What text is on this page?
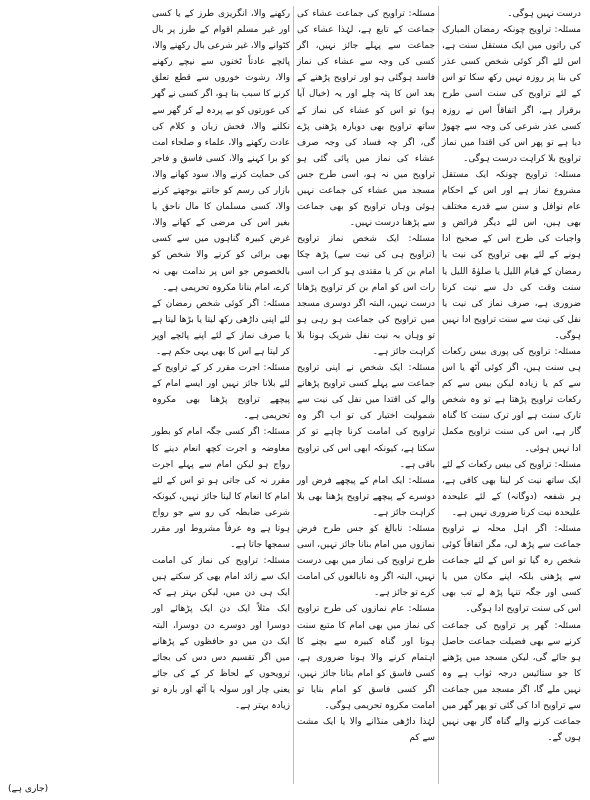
درست نہیں ہوگی۔

مسئلہ: تراویح چونکہ رمضان المبارک کی راتوں میں ایک مستقل سنت ہے، اس لئے اگر کوئی شخص کسی عذر کی بنا پر روزہ نہیں رکھ سکا تو اس کے لئے تراویح کی سنت اسی طرح برقرار ہے، اگر اتفاقاً اس نے روزہ کسی عذر شرعی کی وجہ سے چھوڑ دیا ہے تو پھر اس کی اقتدا میں نماز تراویح بلا کراہت درست ہوگی۔

مسئلہ: تراویح چونکہ ایک مستقل مشروع نماز ہے اور اس کے احکام عام نوافل و سنن سے قدرے مختلف بھی ہیں، اس لئے دیگر فرائض و واجبات کی طرح اس کے صحیح ادا ہونے کے لئے بھی تراویح کی نیت یا رمضان کے قیام اللیل یا صلوٰۃ اللیل یا سنت وقت کی دل سے نیت کرنا ضروری ہے، صرف نماز کی نیت یا نفل کی نیت سے سنت تراویح ادا نہیں ہوگی۔

مسئلہ: تراویح کی پوری بیس رکعات ہی سنت ہیں، اگر کوئی آٹھ یا اس سے کم یا زیادہ لیکن بیس سے کم رکعات تراویح پڑھتا ہے تو وہ شخص تارک سنت ہے اور ترک سنت کا گناہ گار ہے، اس کی سنت تراویح مکمل ادا نہیں ہوئی۔

مسئلہ: تراویح کی بیس رکعات کے لئے ایک ساتھ نیت کر لینا بھی کافی ہے، ہر شفعہ (دوگانہ) کے لئے علیحدہ علیحدہ نیت کرنا ضروری نہیں ہے۔

مسئلہ: اگر اہل محلہ نے تراویح جماعت سے پڑھ لی، مگر اتفاقاً کوئی شخص رہ گیا تو اس کے لئے جماعت سے پڑھنی بلکہ اپنے مکان میں یا کسی اور جگہ تنہا پڑھ لے تب بھی اس کی سنت تراویح ادا ہوگی۔

مسئلہ: گھر پر تراویح کی جماعت کرنے سے بھی فضیلت جماعت حاصل ہو جائے گی، لیکن مسجد میں پڑھنے کا جو ستائیس درجہ ثواب ہے وہ نہیں ملے گا، اگر مسجد میں جماعت سے تراویح ادا کی گئی تو پھر گھر میں جماعت کرنے والے گناہ گار بھی نہیں ہوں گے۔

مسئلہ: تراویح کی جماعت عشاء کی جماعت کے تابع ہے، لہٰذا عشاء کی جماعت سے پہلے جائز نہیں، اگر کسی کی وجہ سے عشاء کی نماز فاسد ہوگئی ہو اور تراویح پڑھنے کے بعد اس کا پتہ چلے اور یہ (خیال آیا ہو) تو اس کو عشاء کی نماز کے ساتھ تراویح بھی دوبارہ پڑھنی پڑے گی، اگر چہ فساد کی وجہ صرف عشاء کی نماز میں پائی گئی ہو تراویح میں نہ ہو، اسی طرح جس مسجد میں عشاء کی جماعت نہیں ہوئی وہاں تراویح کو بھی جماعت سے پڑھنا درست نہیں۔

مسئلہ: ایک شخص نماز تراویح (تراویح ہی کی نیت سے) پڑھ چکا امام بن کر یا مقتدی ہو کر اب اسی رات اس کو امام بن کر تراویح پڑھانا درست نہیں، البتہ اگر دوسری مسجد میں تراویح کی جماعت ہو رہی ہو تو وہاں بہ نیت نفل شریک ہونا بلا کراہت جائز ہے۔

مسئلہ: ایک شخص نے اپنی تراویح جماعت سے پہلے کسی تراویح پڑھانے والے کی اقتدا میں نفل کی نیت سے شمولیت اختیار کی تو اب اگر وہ تراویح کی امامت کرنا چاہے تو کر سکتا ہے، کیونکہ ابھی اس کی تراویح باقی ہے۔

مسئلہ: ایک امام کے پیچھے فرض اور دوسرے کے پیچھے تراویح پڑھنا بھی بلا کراہت جائز ہے۔

مسئلہ: نابالغ کو جس طرح فرض نمازوں میں امام بنانا جائز نہیں، اسی طرح تراویح کی نماز میں بھی درست نہیں، البتہ اگر وہ نابالغوں کی امامت کرے تو جائز ہے۔

مسئلہ: عام نمازوں کی طرح تراویح کی نماز میں بھی امام کا متبع سنت ہونا اور گناہ کبیرہ سے بچنے کا اہتمام کرنے والا ہونا ضروری ہے، کسی فاسق کو امام بنانا جائز نہیں، اگر کسی فاسق کو امام بنایا تو امامت مکروہ تحریمی ہوگی۔

لہٰذا داڑھی منڈانے والا یا ایک مشت سے کم

رکھنے والا، انگریزی طرز کے یا کسی اور غیر مسلم اقوام کے طرز پر بال کٹوانے والا، غیر شرعی بال رکھنے والا، پائچے عادتاً ٹخنوں سے نیچے رکھنے والا، رشوت خوروں سے قطع تعلق کرنے کا سبب بنا ہو، اگر کسی نے گھر کی عورتوں کو بے پردہ لے کر گھر سے نکلنے والا، فحش زبان و کلام کی عادت رکھنے والا، علماء و صلحاء امت کو برا کہنے والا، کسی فاسق و فاجر کی حمایت کرنے والا، سود کھانے والا، بازار کی رسم کو جانتے بوجھتے کرنے والا، کسی مسلمان کا مال ناحق یا بغیر اس کی مرضی کے کھانے والا، غرض کبیرہ گناہوں میں سے کسی بھی برائی کو کرنے والا شخص کو بالخصوص جو اس پر ندامت بھی نہ کرے، امام بنانا مکروہ تحریمی ہے۔

مسئلہ: اگر کوئی شخص رمضان کے لئے اپنی داڑھی رکھ لیتا یا بڑھا لیتا ہے یا صرف نماز کے لئے اپنے پائچے اوپر کر لیتا ہے اس کا بھی یہی حکم ہے۔

مسئلہ: اجرت مقرر کر کے تراویح کے لئے بلانا جائز نہیں اور ایسے امام کے پیچھے تراویح پڑھنا بھی مکروہ تحریمی ہے۔

مسئلہ: اگر کسی جگہ امام کو بطور معاوضہ و اجرت کچھ انعام دینے کا رواج ہو لیکن امام سے پہلے اجرت مقرر نہ کی جاتی ہو تو اس کے لئے امام کا انعام کا لینا جائز نہیں، کیونکہ شرعی ضابطہ کی رو سے جو رواج ہوتا ہے وہ عرفاً مشروط اور مقرر سمجھا جاتا ہے۔

مسئلہ: تراویح کی نماز کی امامت ایک سے زائد امام بھی کر سکتے ہیں ایک ہی دن میں، لیکن بہتر ہے کہ ایک مثلاً ایک دن ایک پڑھائے اور دوسرا اور دوسرے دن دوسرا، البتہ ایک دن میں دو حافظوں کے پڑھانے میں اگر تقسیم دس دس کی بجائے ترویحوں کے لحاظ کر کے کی جائے یعنی چار اور سولہ یا آٹھ اور بارہ تو زیادہ بہتر ہے۔

(جاری ہے)
